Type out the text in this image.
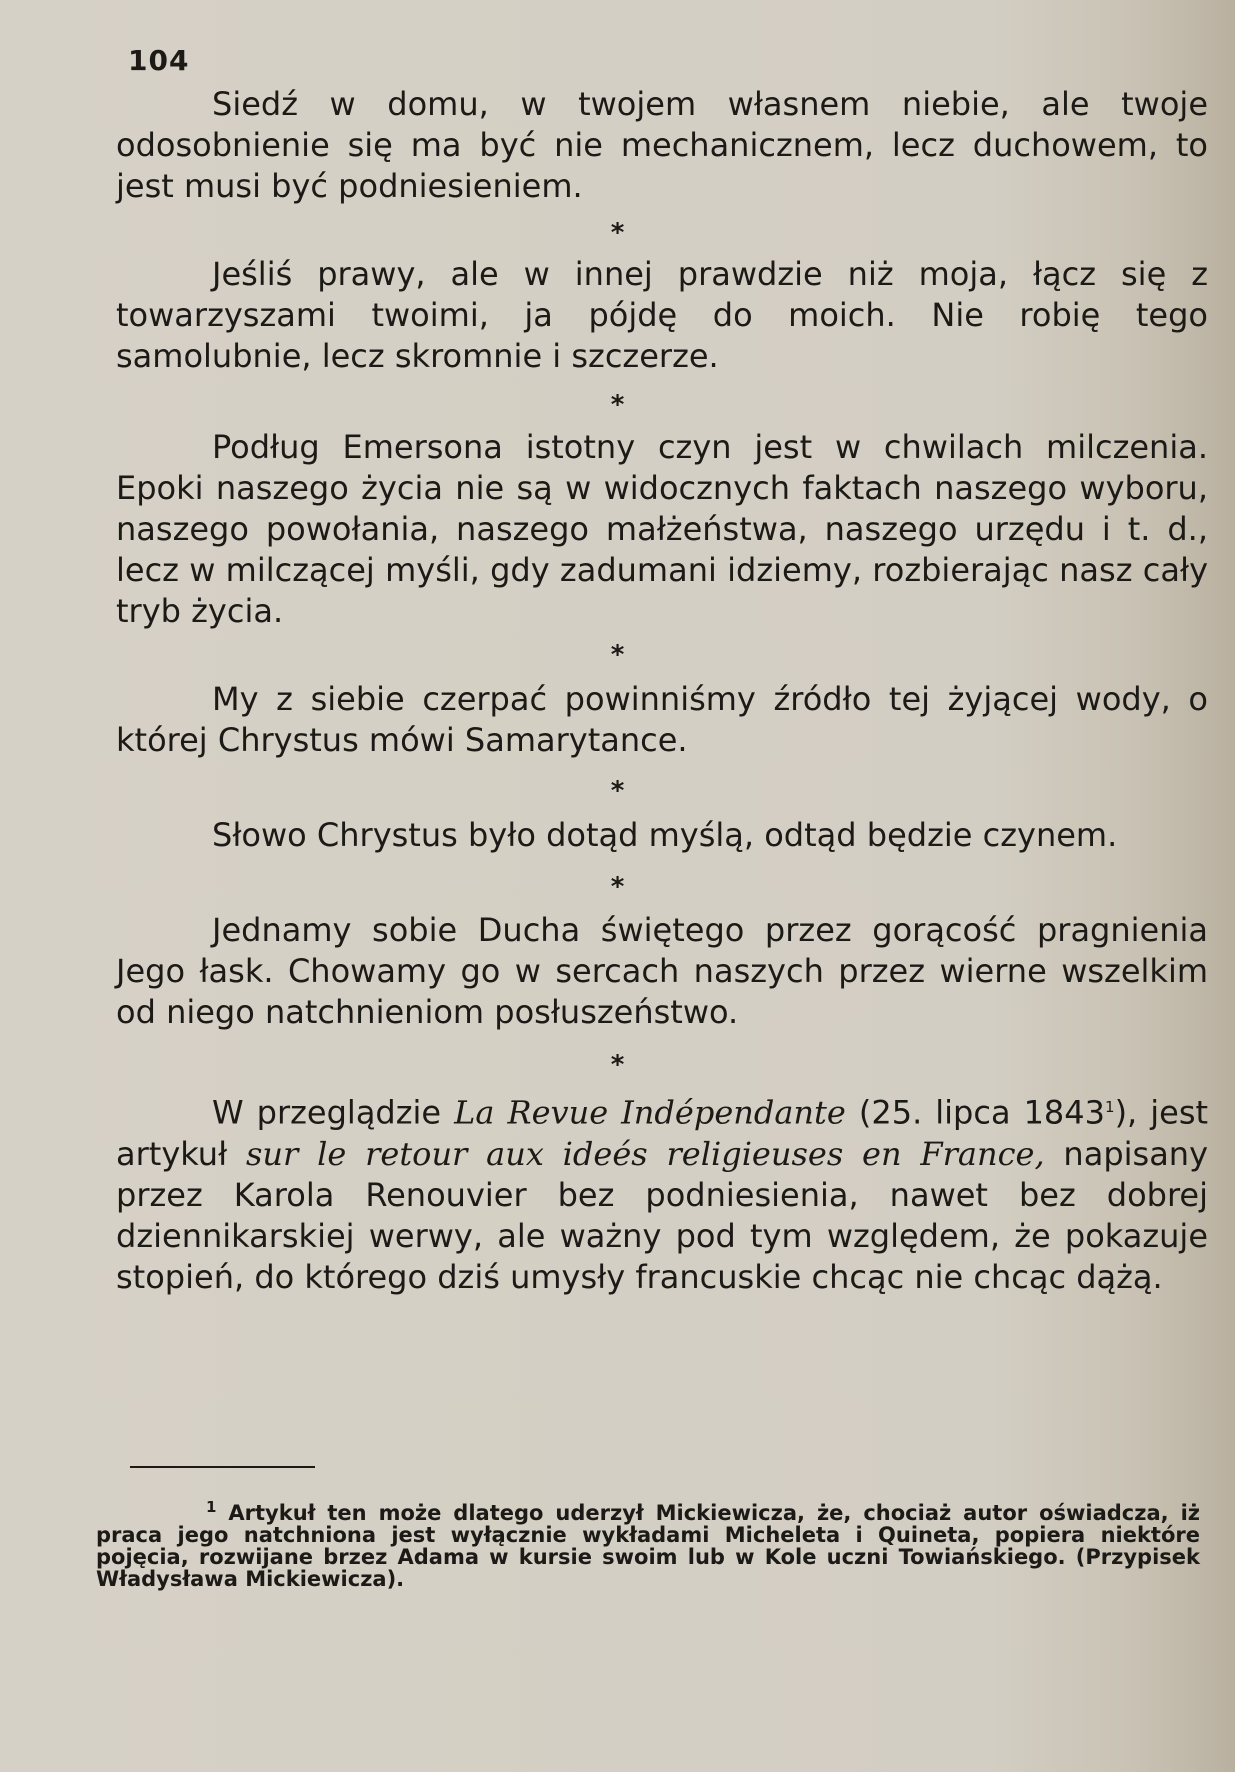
104

Siedź w domu, w twojem własnem niebie, ale twoje odosobnienie się ma być nie mechanicznem, lecz duchowem, to jest musi być podniesieniem.

*

Jeśliś prawy, ale w innej prawdzie niż moja, łącz się z towarzyszami twoimi, ja pójdę do moich. Nie robię tego samolubnie, lecz skromnie i szczerze.

*

Podług Emersona istotny czyn jest w chwilach milczenia. Epoki naszego życia nie są w widocznych faktach naszego wyboru, naszego powołania, naszego małżeństwa, naszego urzędu i t. d., lecz w milczącej myśli, gdy zadumani idziemy, rozbierając nasz cały tryb życia.

*

My z siebie czerpać powinniśmy źródło tej żyjącej wody, o której Chrystus mówi Samarytance.

*

Słowo Chrystus było dotąd myślą, odtąd będzie czynem.

*

Jednamy sobie Ducha świętego przez gorącość pragnienia Jego łask. Chowamy go w sercach naszych przez wierne wszelkim od niego natchnieniom posłuszeństwo.

*

W przeglądzie La Revue Indépendante (25. lipca 1843$^1$), jest artykuł sur le retour aux ideés religieuses en France, napisany przez Karola Renouvier bez podniesienia, nawet bez dobrej dziennikarskiej werwy, ale ważny pod tym względem, że pokazuje stopień, do którego dziś umysły francuskie chcąc nie chcąc dążą.

$^1$ Artykuł ten może dlatego uderzył Mickiewicza, że, chociaż autor oświadcza, iż praca jego natchniona jest wyłącznie wykładami Micheleta i Quineta, popiera niektóre pojęcia, rozwijane brzez Adama w kursie swoim lub w Kole uczni Towiańskiego. (Przypisek Władysława Mickiewicza).
